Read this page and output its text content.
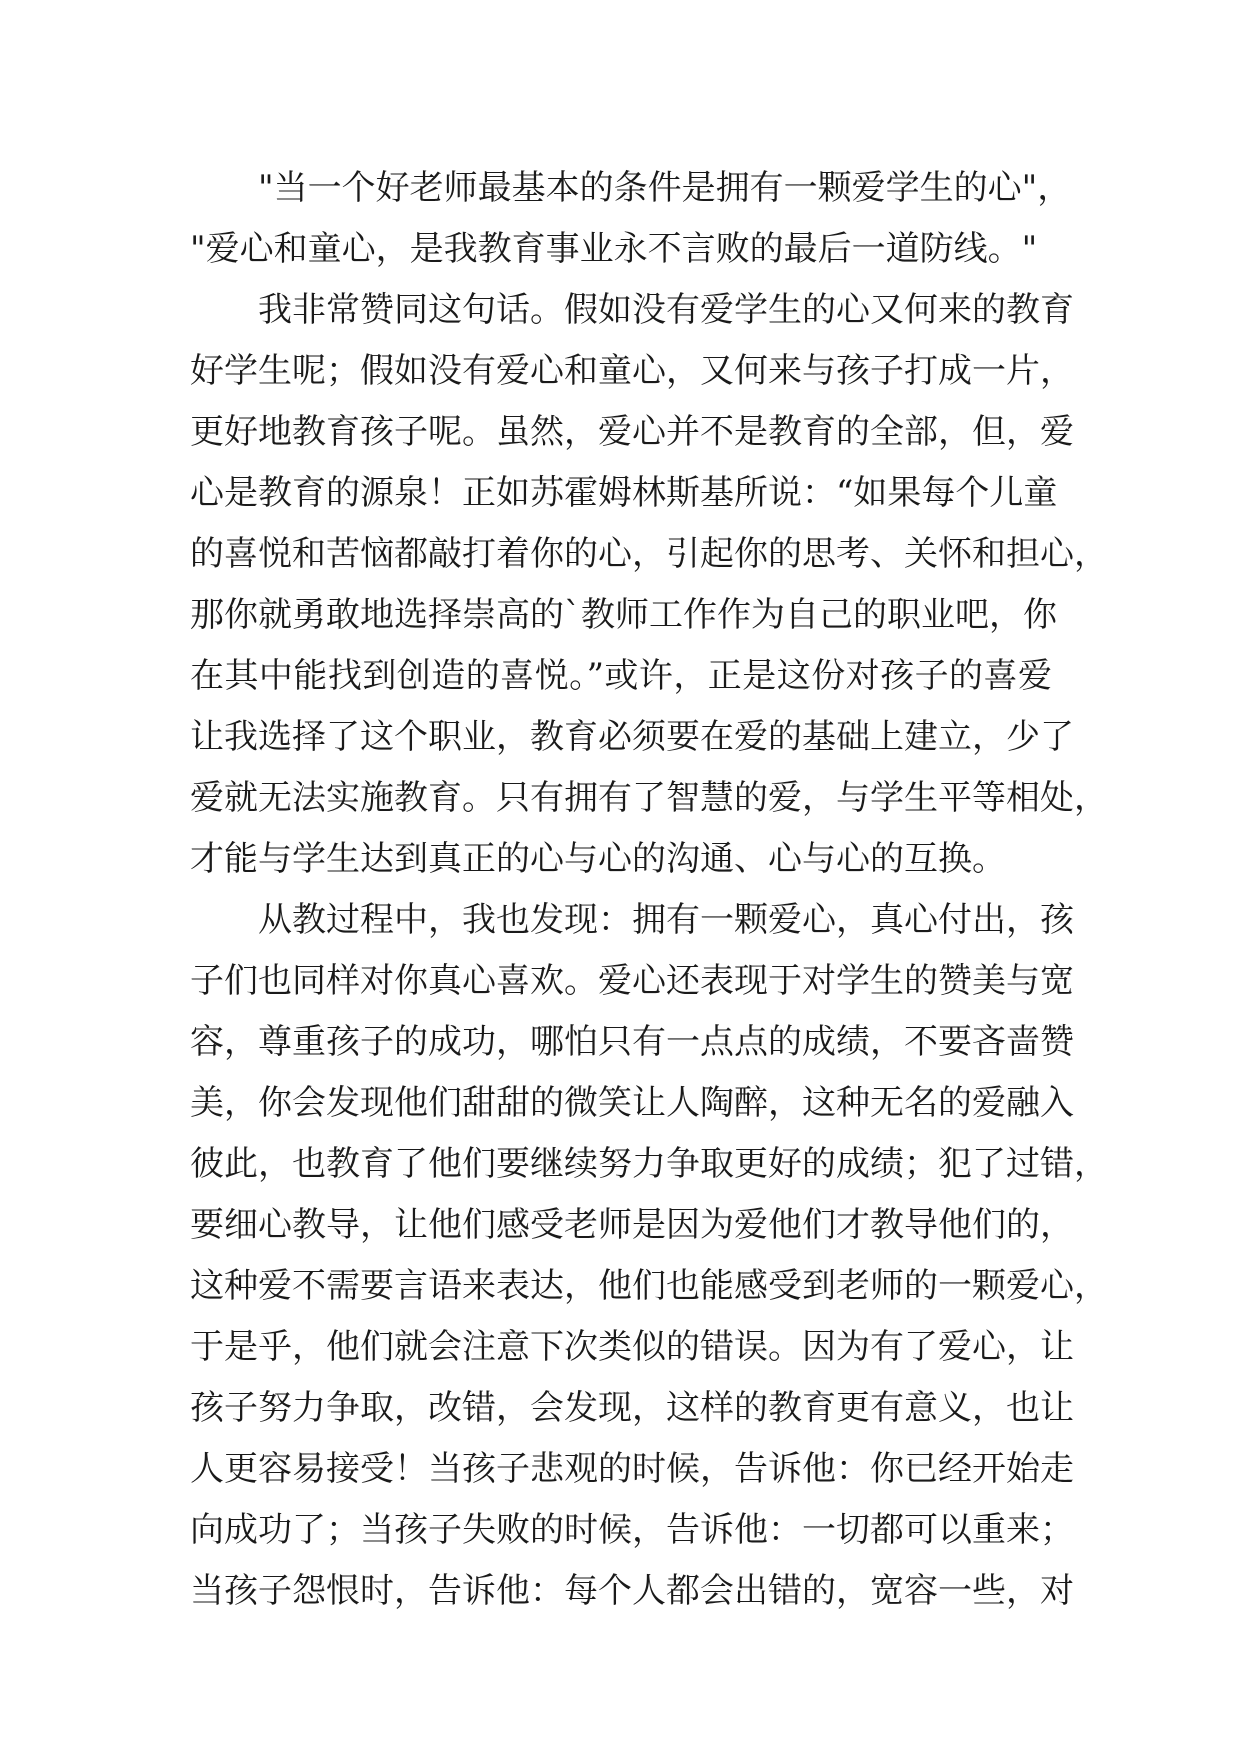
"当一个好老师最基本的条件是拥有一颗爱学生的心"，
"爱心和童心，是我教育事业永不言败的最后一道防线。"
我非常赞同这句话。假如没有爱学生的心又何来的教育
好学生呢；假如没有爱心和童心，又何来与孩子打成一片，
更好地教育孩子呢。虽然，爱心并不是教育的全部，但，爱
心是教育的源泉！正如苏霍姆林斯基所说：“如果每个儿童
的喜悦和苦恼都敲打着你的心，引起你的思考、关怀和担心，
那你就勇敢地选择崇高的`教师工作作为自己的职业吧，你
在其中能找到创造的喜悦。”或许，正是这份对孩子的喜爱
让我选择了这个职业，教育必须要在爱的基础上建立，少了
爱就无法实施教育。只有拥有了智慧的爱，与学生平等相处，
才能与学生达到真正的心与心的沟通、心与心的互换。
从教过程中，我也发现：拥有一颗爱心，真心付出，孩
子们也同样对你真心喜欢。爱心还表现于对学生的赞美与宽
容，尊重孩子的成功，哪怕只有一点点的成绩，不要吝啬赞
美，你会发现他们甜甜的微笑让人陶醉，这种无名的爱融入
彼此，也教育了他们要继续努力争取更好的成绩；犯了过错，
要细心教导，让他们感受老师是因为爱他们才教导他们的，
这种爱不需要言语来表达，他们也能感受到老师的一颗爱心，
于是乎，他们就会注意下次类似的错误。因为有了爱心，让
孩子努力争取，改错，会发现，这样的教育更有意义，也让
人更容易接受！当孩子悲观的时候，告诉他：你已经开始走
向成功了；当孩子失败的时候，告诉他：一切都可以重来；
当孩子怨恨时，告诉他：每个人都会出错的，宽容一些，对
